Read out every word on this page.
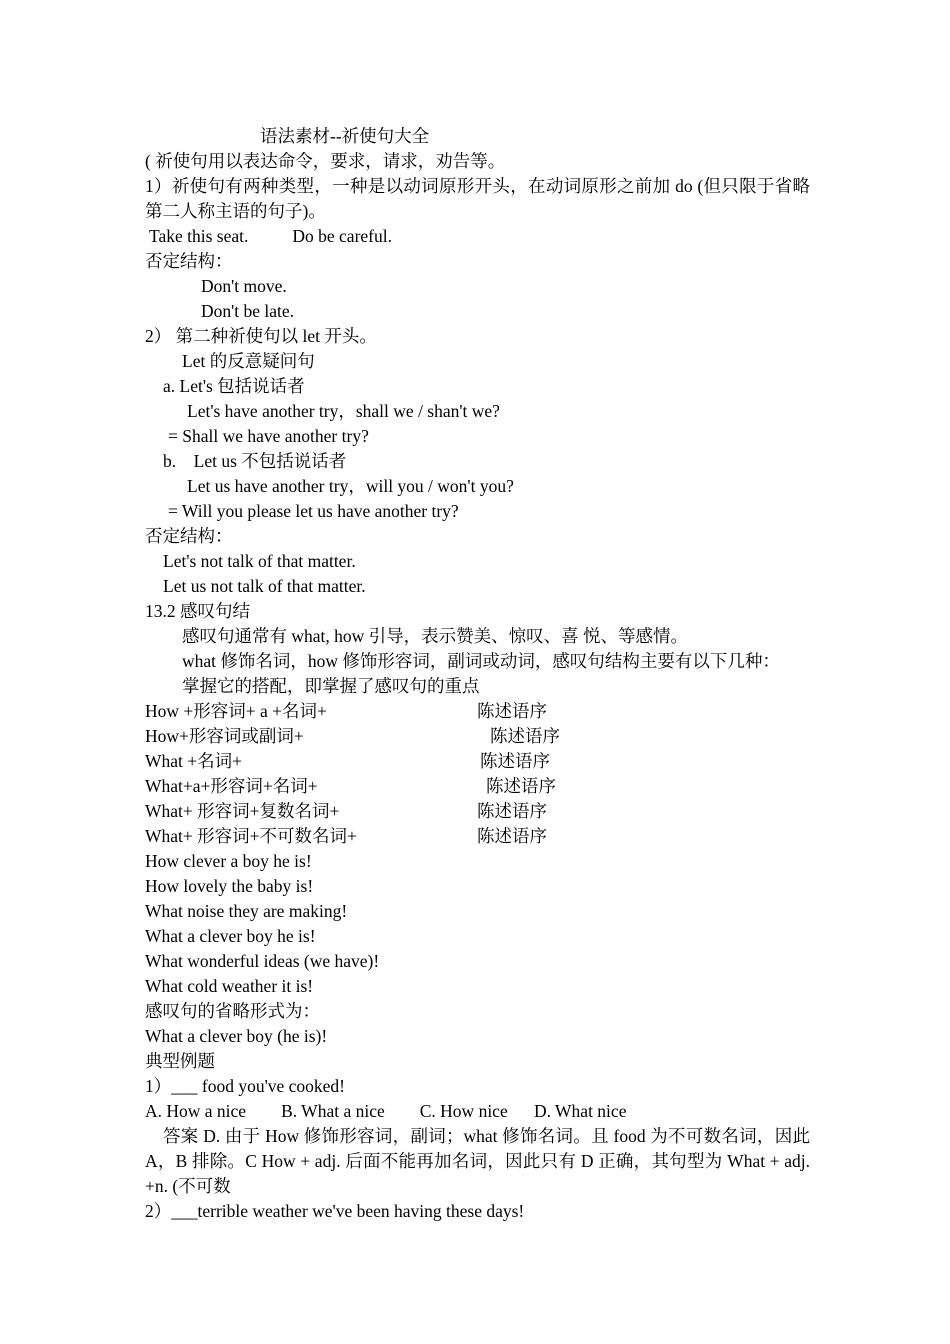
语法素材--祈使句大全
( 祈使句用以表达命令，要求，请求，劝告等。
1）祈使句有两种类型，一种是以动词原形开头，在动词原形之前加 do (但只限于省略第二人称主语的句子)。
Take this seat.	Do be careful.
否定结构：
Don't move.
Don't be late.
2） 第二种祈使句以 let 开头。
Let 的反意疑问句
a. Let's 包括说话者
Let's have another try，shall we / shan't we?
= Shall we have another try?
b.    Let us 不包括说话者
Let us have another try，will you / won't you?
= Will you please let us have another try?
否定结构：
Let's not talk of that matter.
Let us not talk of that matter.
13.2 感叹句结
感叹句通常有 what, how 引导，表示赞美、惊叹、喜 悦、等感情。
what 修饰名词，how 修饰形容词，副词或动词，感叹句结构主要有以下几种：
掌握它的搭配，即掌握了感叹句的重点
How +形容词+ a +名词+	陈述语序
How+形容词或副词+	陈述语序
What +名词+	陈述语序
What+a+形容词+名词+	陈述语序
What+ 形容词+复数名词+	陈述语序
What+ 形容词+不可数名词+	陈述语序
How clever a boy he is!
How lovely the baby is!
What noise they are making!
What a clever boy he is!
What wonderful ideas (we have)!
What cold weather it is!
感叹句的省略形式为：
What a clever boy (he is)!
典型例题
1）___ food you've cooked!
A. How a nice        B. What a nice        C. How nice      D. What nice
答案 D. 由于 How 修饰形容词，副词；what 修饰名词。且 food 为不可数名词，因此 A，B 排除。C How + adj. 后面不能再加名词，因此只有 D 正确，其句型为 What + adj. +n. (不可数
2）___terrible weather we've been having these days!
